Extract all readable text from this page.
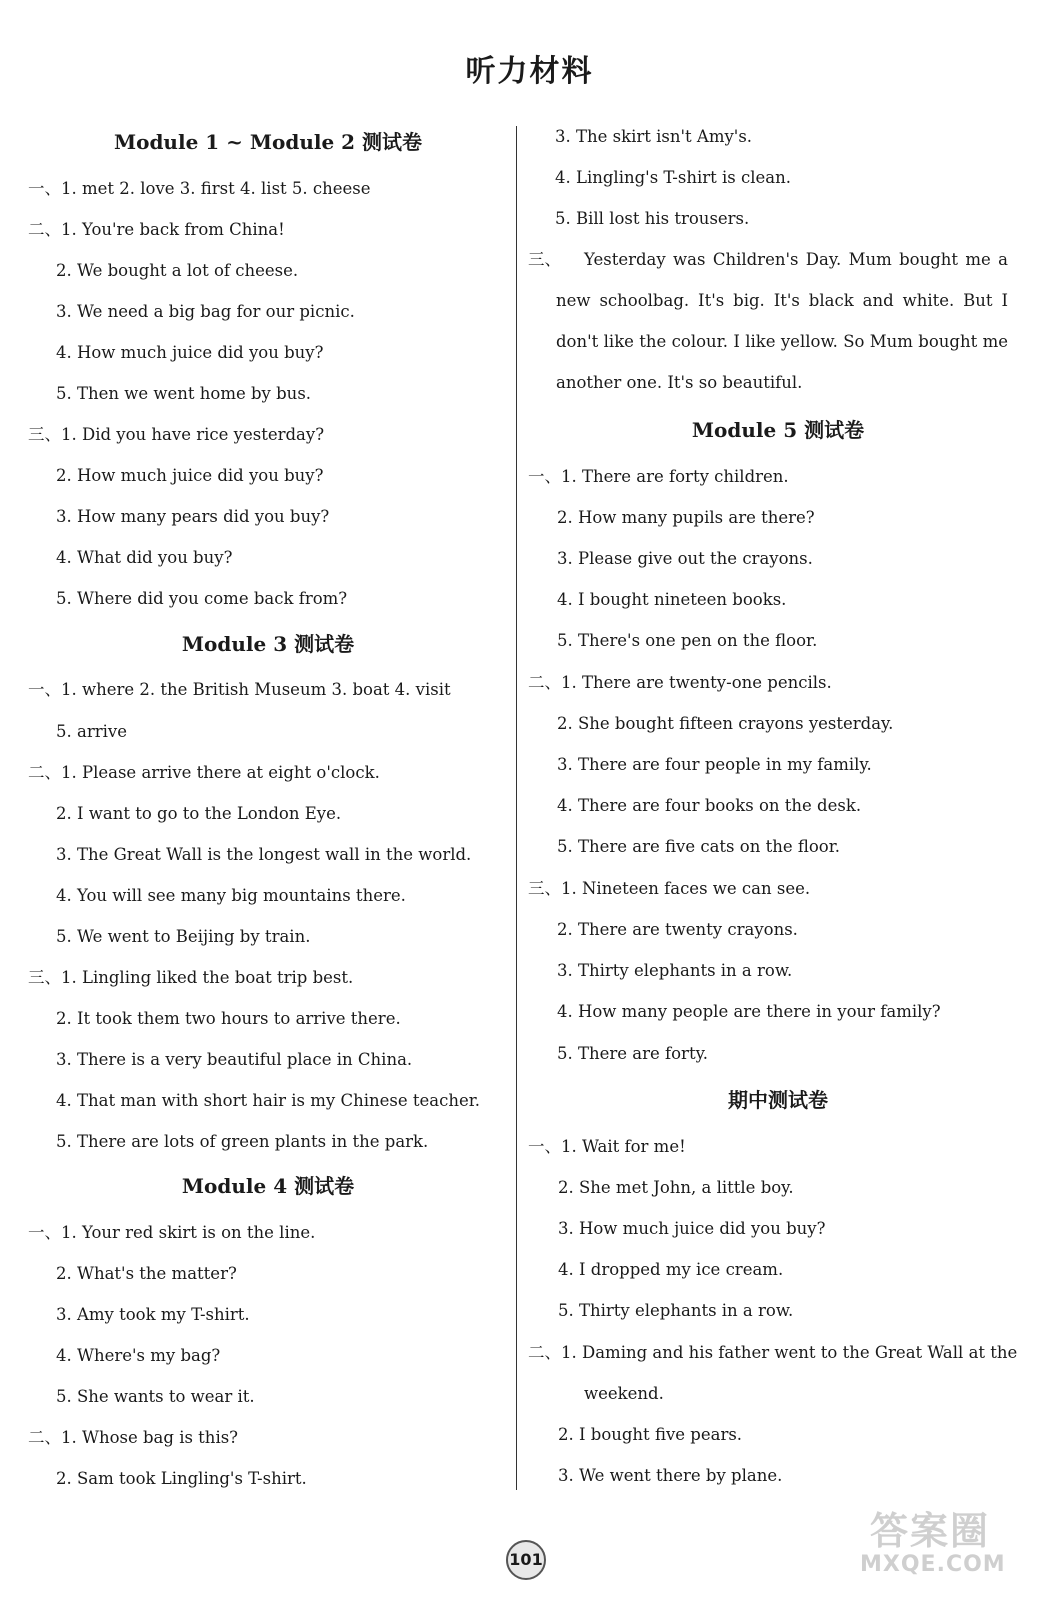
听力材料
Module 1 ~ Module 2 测试卷
一、1. met 2. love 3. first 4. list 5. cheese
二、1. You're back from China!
2. We bought a lot of cheese.
3. We need a big bag for our picnic.
4. How much juice did you buy?
5. Then we went home by bus.
三、1. Did you have rice yesterday?
2. How much juice did you buy?
3. How many pears did you buy?
4. What did you buy?
5. Where did you come back from?
Module 3 测试卷
一、1. where 2. the British Museum 3. boat 4. visit
5. arrive
二、1. Please arrive there at eight o'clock.
2. I want to go to the London Eye.
3. The Great Wall is the longest wall in the world.
4. You will see many big mountains there.
5. We went to Beijing by train.
三、1. Lingling liked the boat trip best.
2. It took them two hours to arrive there.
3. There is a very beautiful place in China.
4. That man with short hair is my Chinese teacher.
5. There are lots of green plants in the park.
Module 4 测试卷
一、1. Your red skirt is on the line.
2. What's the matter?
3. Amy took my T-shirt.
4. Where's my bag?
5. She wants to wear it.
二、1. Whose bag is this?
2. Sam took Lingling's T-shirt.
3. The skirt isn't Amy's.
4. Lingling's T-shirt is clean.
5. Bill lost his trousers.
三、	Yesterday was Children's Day. Mum bought me a new schoolbag. It's big. It's black and white. But I don't like the colour. I like yellow. So Mum bought me another one. It's so beautiful.
Module 5 测试卷
一、1. There are forty children.
2. How many pupils are there?
3. Please give out the crayons.
4. I bought nineteen books.
5. There's one pen on the floor.
二、1. There are twenty-one pencils.
2. She bought fifteen crayons yesterday.
3. There are four people in my family.
4. There are four books on the desk.
5. There are five cats on the floor.
三、1. Nineteen faces we can see.
2. There are twenty crayons.
3. Thirty elephants in a row.
4. How many people are there in your family?
5. There are forty.
期中测试卷
一、1. Wait for me!
2. She met John, a little boy.
3. How much juice did you buy?
4. I dropped my ice cream.
5. Thirty elephants in a row.
二、1. Daming and his father went to the Great Wall at the
weekend.
2. I bought five pears.
3. We went there by plane.
101
答案圈
MXQE.COM
